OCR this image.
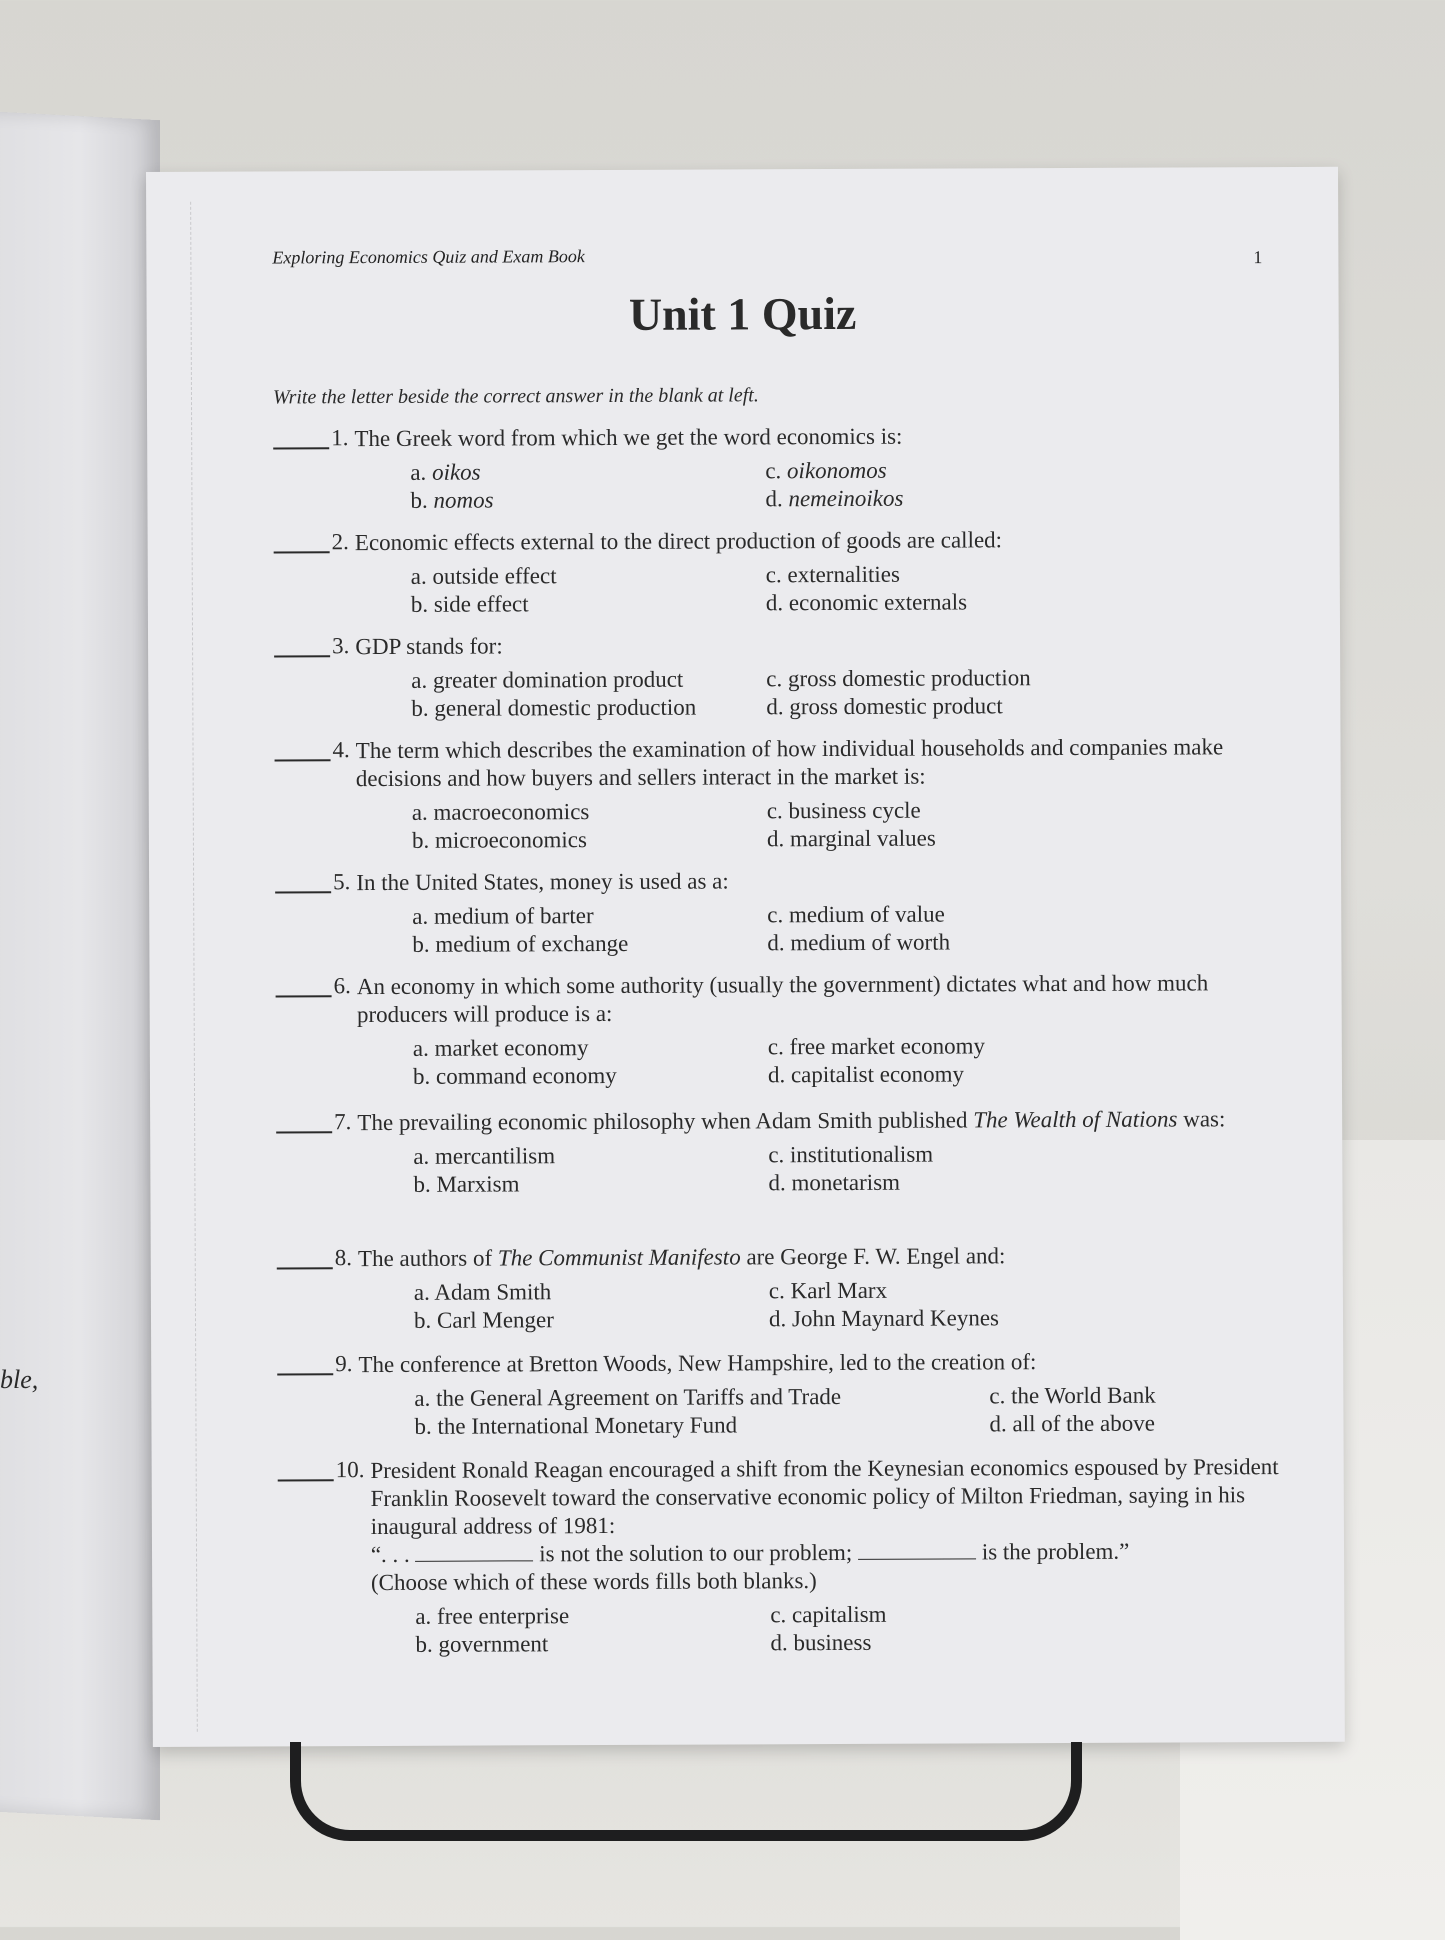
ble,
Exploring Economics Quiz and Exam Book	1
Unit 1 Quiz
Write the letter beside the correct answer in the blank at left.
1. The Greek word from which we get the word economics is:
a. oikos	c. oikonomos
b. nomos	d. nemeinoikos
2. Economic effects external to the direct production of goods are called:
a. outside effect	c. externalities
b. side effect	d. economic externals
3. GDP stands for:
a. greater domination product	c. gross domestic production
b. general domestic production	d. gross domestic product
4. The term which describes the examination of how individual households and companies make decisions and how buyers and sellers interact in the market is:
a. macroeconomics	c. business cycle
b. microeconomics	d. marginal values
5. In the United States, money is used as a:
a. medium of barter	c. medium of value
b. medium of exchange	d. medium of worth
6. An economy in which some authority (usually the government) dictates what and how much producers will produce is a:
a. market economy	c. free market economy
b. command economy	d. capitalist economy
7. The prevailing economic philosophy when Adam Smith published The Wealth of Nations was:
a. mercantilism	c. institutionalism
b. Marxism	d. monetarism
8. The authors of The Communist Manifesto are George F. W. Engel and:
a. Adam Smith	c. Karl Marx
b. Carl Menger	d. John Maynard Keynes
9. The conference at Bretton Woods, New Hampshire, led to the creation of:
a. the General Agreement on Tariffs and Trade	c. the World Bank
b. the International Monetary Fund	d. all of the above
10. President Ronald Reagan encouraged a shift from the Keynesian economics espoused by President Franklin Roosevelt toward the conservative economic policy of Milton Friedman, saying in his inaugural address of 1981:
“. . .	is not the solution to our problem;	is the problem.”
(Choose which of these words fills both blanks.)
a. free enterprise	c. capitalism
b. government	d. business
